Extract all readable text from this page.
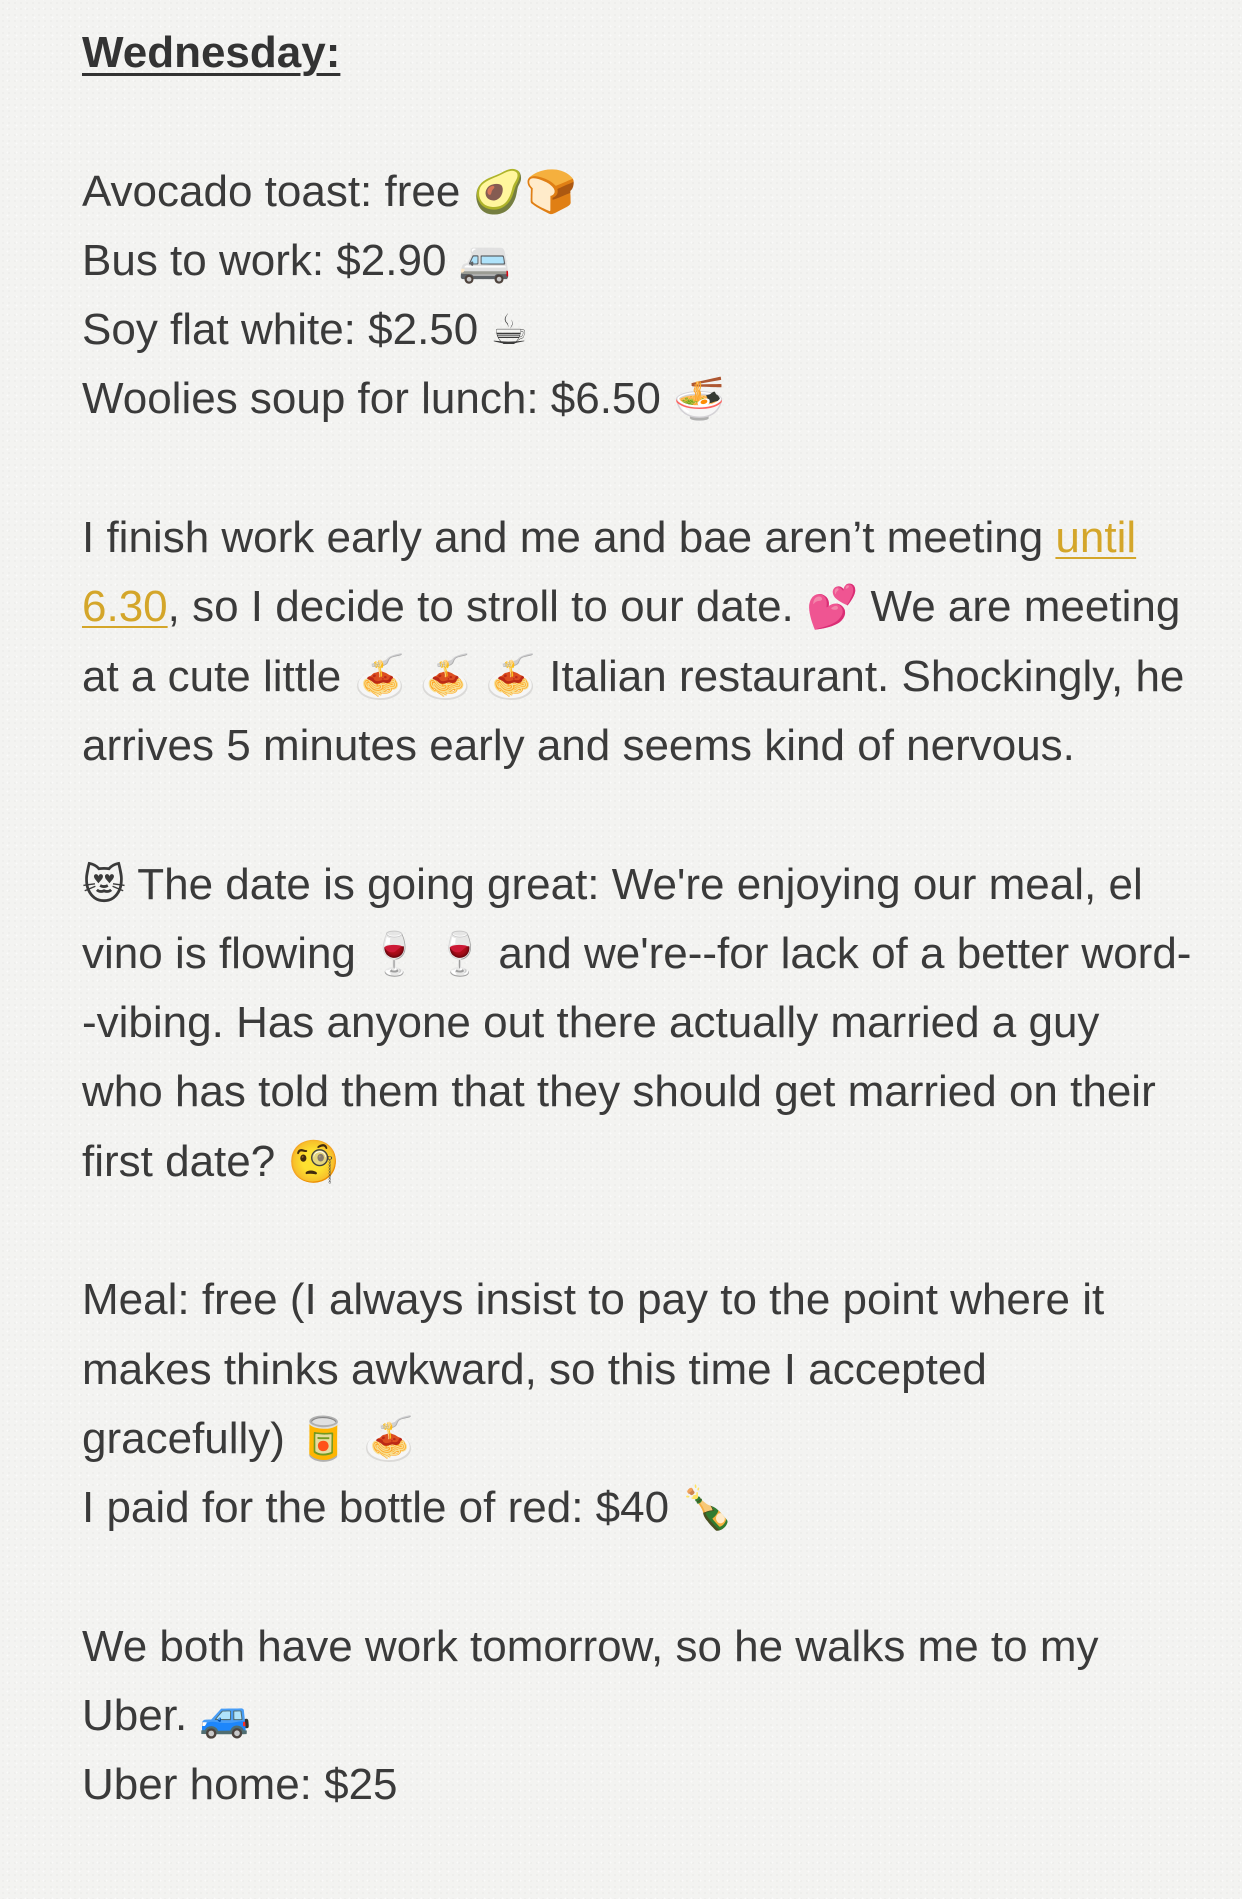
Wednesday:
Avocado toast: free 🥑🍞
Bus to work: $2.90 🚐
Soy flat white: $2.50 ☕
Woolies soup for lunch: $6.50 🍜
I finish work early and me and bae aren’t meeting until 6.30, so I decide to stroll to our date. 💕 We are meeting at a cute little 🍝 🍝 🍝 Italian restaurant. Shockingly, he arrives 5 minutes early and seems kind of nervous.
😻 The date is going great: We're enjoying our meal, el vino is flowing 🍷 🍷 and we're--for lack of a better word--vibing. Has anyone out there actually married a guy who has told them that they should get married on their first date? 🧐
Meal: free (I always insist to pay to the point where it makes thinks awkward, so this time I accepted gracefully) 🥫 🍝
I paid for the bottle of red: $40 🍾
We both have work tomorrow, so he walks me to my Uber. 🚙
Uber home: $25
